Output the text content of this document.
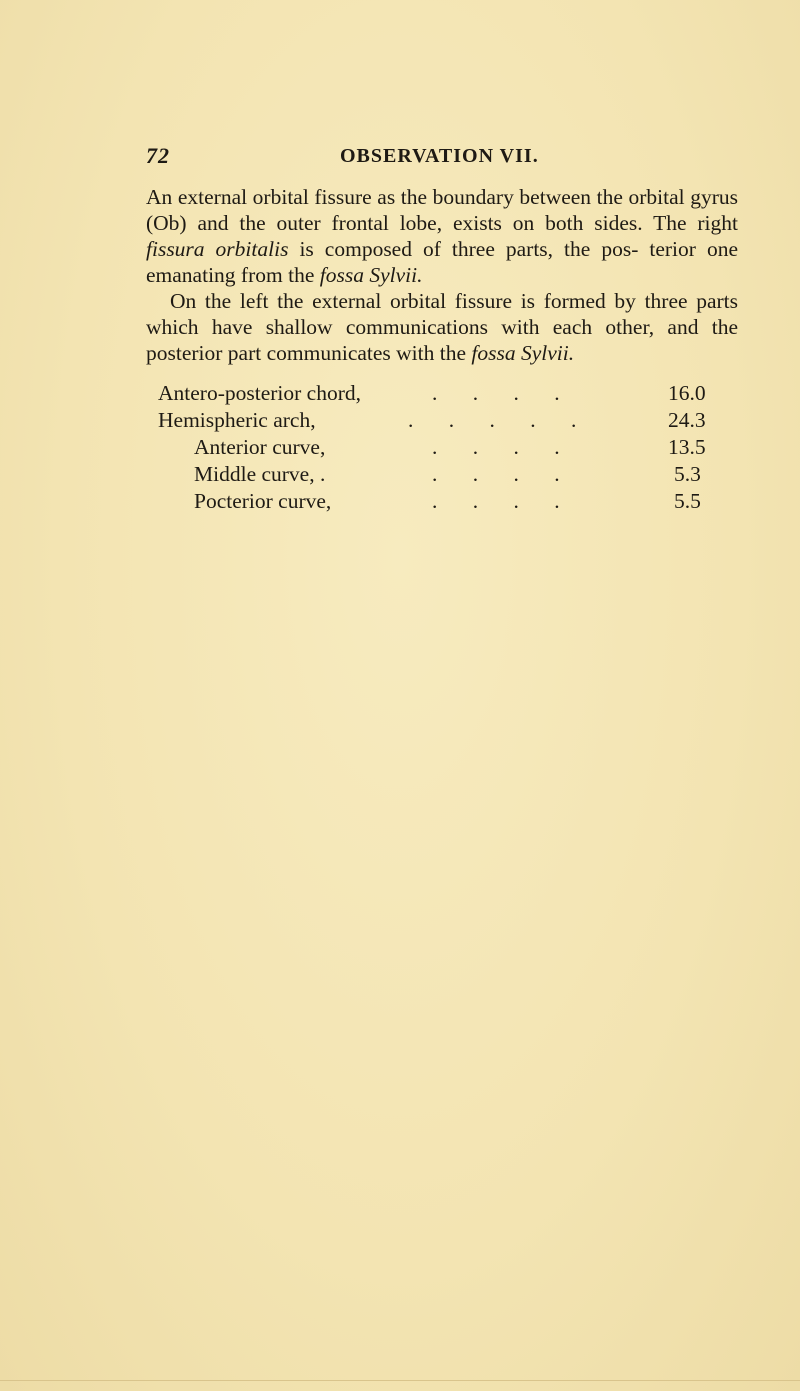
72	OBSERVATION VII.

An external orbital fissure as the boundary between the orbital gyrus (Ob) and the outer frontal lobe, exists on both sides. The right fissura orbitalis is composed of three parts, the pos- terior one emanating from the fossa Sylvii.

On the left the external orbital fissure is formed by three parts which have shallow communications with each other, and the posterior part communicates with the fossa Sylvii.

Antero-posterior chord,	. . . .	16.0
Hemispheric arch,	. . . . .	24.3
Anterior curve,	. . . .	13.5
Middle curve, .	. . . .	5.3
Pocterior curve,	. . . .	5.5
